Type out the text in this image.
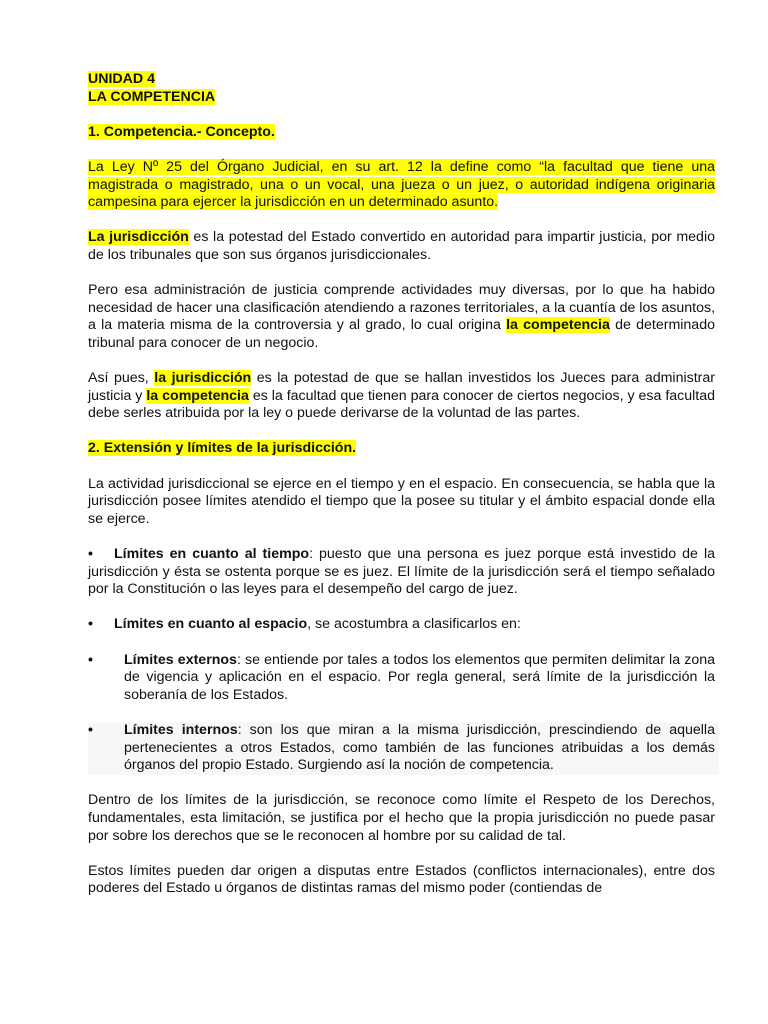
UNIDAD 4
LA COMPETENCIA
1. Competencia.- Concepto.

La Ley Nº 25 del Órgano Judicial, en su art. 12 la define como “la facultad que tiene una magistrada o magistrado, una o un vocal, una jueza o un juez, o autoridad indígena originaria campesina para ejercer la jurisdicción en un determinado asunto.

La jurisdicción es la potestad del Estado convertido en autoridad para impartir justicia, por medio de los tribunales que son sus órganos jurisdiccionales.

Pero esa administración de justicia comprende actividades muy diversas, por lo que ha habido necesidad de hacer una clasificación atendiendo a razones territoriales, a la cuantía de los asuntos, a la materia misma de la controversia y al grado, lo cual origina la competencia de determinado tribunal para conocer de un negocio.

Así pues, la jurisdicción es la potestad de que se hallan investidos los Jueces para administrar justicia y la competencia es la facultad que tienen para conocer de ciertos negocios, y esa facultad debe serles atribuida por la ley o puede derivarse de la voluntad de las partes.

2. Extensión y límites de la jurisdicción.

La actividad jurisdiccional se ejerce en el tiempo y en el espacio. En consecuencia, se habla que la jurisdicción posee límites atendido el tiempo que la posee su titular y el ámbito espacial donde ella se ejerce.

• Límites en cuanto al tiempo: puesto que una persona es juez porque está investido de la jurisdicción y ésta se ostenta porque se es juez. El límite de la jurisdicción será el tiempo señalado por la Constitución o las leyes para el desempeño del cargo de juez.

• Límites en cuanto al espacio, se acostumbra a clasificarlos en:

•	Límites externos: se entiende por tales a todos los elementos que permiten delimitar la zona de vigencia y aplicación en el espacio. Por regla general, será límite de la jurisdicción la soberanía de los Estados.
•	Límites internos: son los que miran a la misma jurisdicción, prescindiendo de aquella pertenecientes a otros Estados, como también de las funciones atribuidas a los demás órganos del propio Estado. Surgiendo así la noción de competencia.

Dentro de los límites de la jurisdicción, se reconoce como límite el Respeto de los Derechos, fundamentales, esta limitación, se justifica por el hecho que la propia jurisdicción no puede pasar por sobre los derechos que se le reconocen al hombre por su calidad de tal.

Estos límites pueden dar origen a disputas entre Estados (conflictos internacionales), entre dos poderes del Estado u órganos de distintas ramas del mismo poder (contiendas de
